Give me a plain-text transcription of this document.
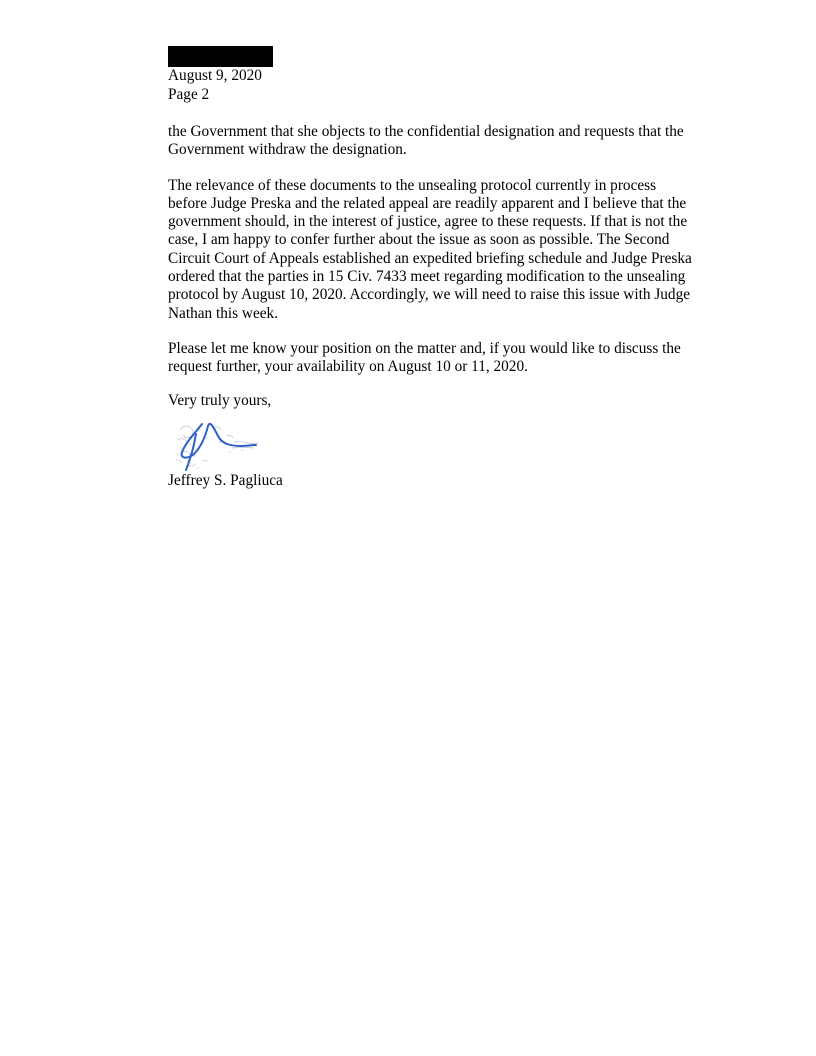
August 9, 2020
Page 2

the Government that she objects to the confidential designation and requests that the
Government withdraw the designation.

The relevance of these documents to the unsealing protocol currently in process
before Judge Preska and the related appeal are readily apparent and I believe that the
government should, in the interest of justice, agree to these requests. If that is not the
case, I am happy to confer further about the issue as soon as possible. The Second
Circuit Court of Appeals established an expedited briefing schedule and Judge Preska
ordered that the parties in 15 Civ. 7433 meet regarding modification to the unsealing
protocol by August 10, 2020. Accordingly, we will need to raise this issue with Judge
Nathan this week.

Please let me know your position on the matter and, if you would like to discuss the
request further, your availability on August 10 or 11, 2020.

Very truly yours,
Jeffrey S. Pagliuca
